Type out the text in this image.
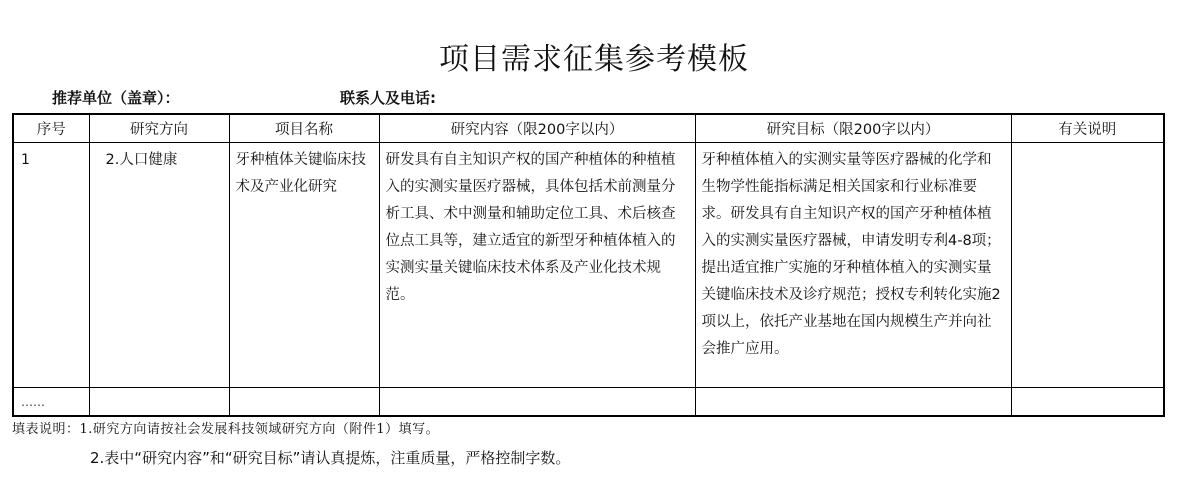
项目需求征集参考模板
推荐单位（盖章）：	联系人及电话:
序号	研究方向	项目名称	研究内容（限200字以内）	研究目标（限200字以内）	有关说明

1	2.人口健康	牙种植体关键临床技术及产业化研究	研发具有自主知识产权的国产种植体的种植植入的实测实量医疗器械，具体包括术前测量分析工具、术中测量和辅助定位工具、术后核查位点工具等，建立适宜的新型牙种植体植入的实测实量关键临床技术体系及产业化技术规范。	牙种植体植入的实测实量等医疗器械的化学和生物学性能指标满足相关国家和行业标准要求。研发具有自主知识产权的国产牙种植体植入的实测实量医疗器械，申请发明专利4-8项；提出适宜推广实施的牙种植体植入的实测实量关键临床技术及诊疗规范；授权专利转化实施2项以上，依托产业基地在国内规模生产并向社会推广应用。	

……					
填表说明：1.研究方向请按社会发展科技领域研究方向（附件1）填写。
2.表中“研究内容”和“研究目标”请认真提炼，注重质量，严格控制字数。
